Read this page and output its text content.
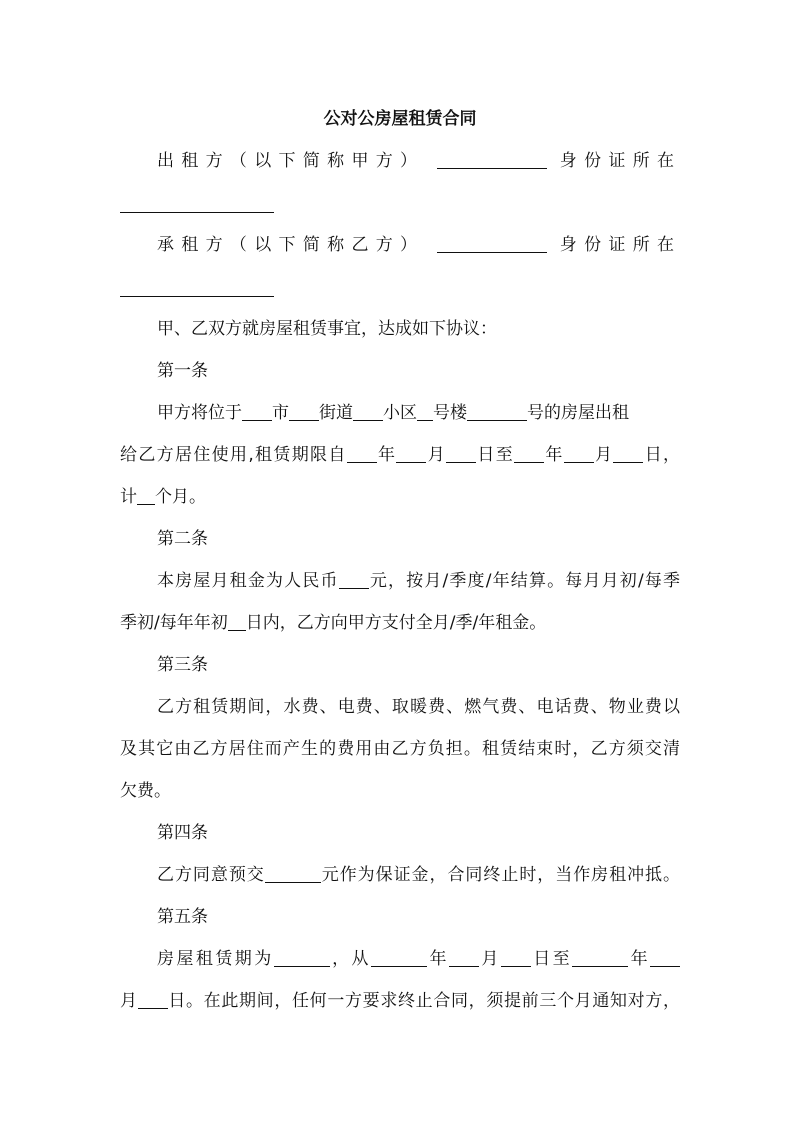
公对公房屋租赁合同
出租方（以下简称甲方）	身份证所在
承租方（以下简称乙方）	身份证所在
甲、乙双方就房屋租赁事宜，达成如下协议：
第一条
甲方将位于 市 街道 小区 号楼	号的房屋出租
给乙方居住使用,租赁期限自 年 月 日至 年 月 日，
计 个月。
第二条
本房屋月租金为人民币 元，按月/季度/年结算。每月月初/每季
季初/每年年初 日内，乙方向甲方支付全月/季/年租金。
第三条
乙方租赁期间，水费、电费、取暖费、燃气费、电话费、物业费以
及其它由乙方居住而产生的费用由乙方负担。租赁结束时，乙方须交清
欠费。
第四条
乙方同意预交	元作为保证金，合同终止时，当作房租冲抵。
第五条
房屋租赁期为	，从	年 月 日至	年
月 日。在此期间，任何一方要求终止合同，须提前三个月通知对方，
